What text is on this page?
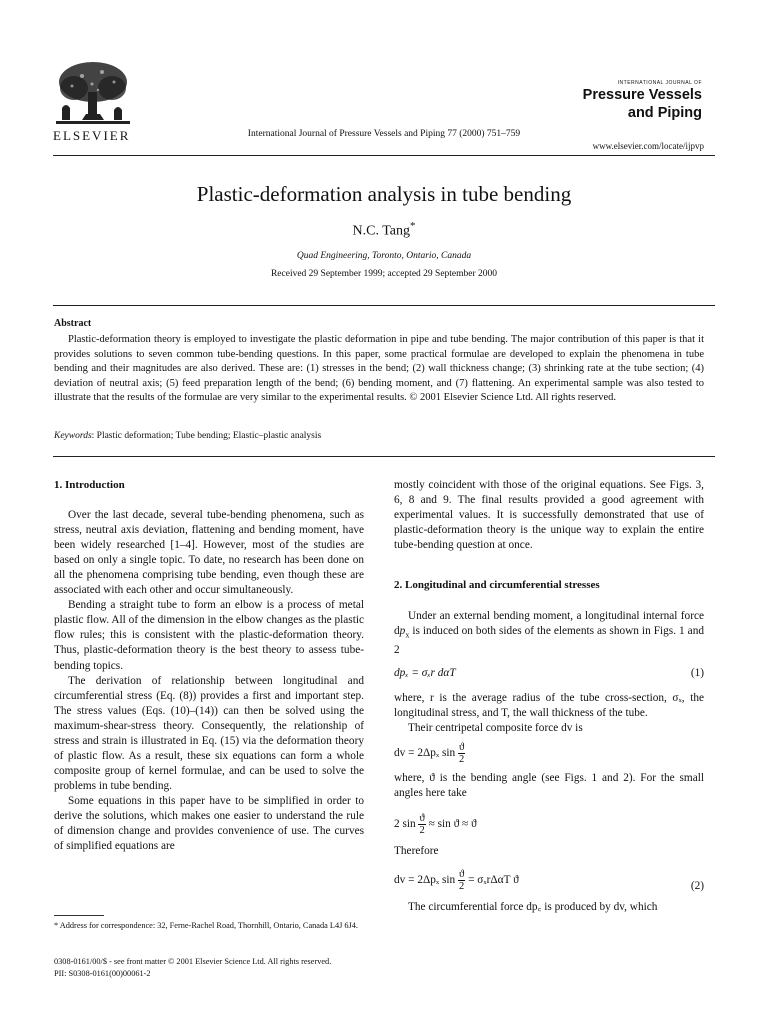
ELSEVIER	International Journal of Pressure Vessels and Piping 77 (2000) 751–759
INTERNATIONAL JOURNAL OF
Pressure Vessels
and Piping
www.elsevier.com/locate/ijpvp
Plastic-deformation analysis in tube bending
N.C. Tang*
Quad Engineering, Toronto, Ontario, Canada
Received 29 September 1999; accepted 29 September 2000
Abstract

Plastic-deformation theory is employed to investigate the plastic deformation in pipe and tube bending. The major contribution of this paper is that it provides solutions to seven common tube-bending questions. In this paper, some practical formulae are developed to explain the phenomena in tube bending and their magnitudes are also derived. These are: (1) stresses in the bend; (2) wall thickness change; (3) shrinking rate at the tube section; (4) deviation of neutral axis; (5) feed preparation length of the bend; (6) bending moment, and (7) flattening. An experimental sample was also tested to illustrate that the results of the formulae are very similar to the experimental results. © 2001 Elsevier Science Ltd. All rights reserved.

Keywords: Plastic deformation; Tube bending; Elastic–plastic analysis

1. Introduction

Over the last decade, several tube-bending phenomena, such as stress, neutral axis deviation, flattening and bending moment, have been widely researched [1–4]. However, most of the studies are based on only a single topic. To date, no research has been done on all the phenomena comprising tube bending, even though these are associated with each other and occur simultaneously.

Bending a straight tube to form an elbow is a process of metal plastic flow. All of the dimension in the elbow changes as the plastic flow rules; this is consistent with the plastic-deformation theory. Thus, plastic-deformation theory is the best theory to assess tube-bending topics.

The derivation of relationship between longitudinal and circumferential stress (Eq. (8)) provides a first and important step. The stress values (Eqs. (10)–(14)) can then be solved using the maximum-shear-stress theory. Consequently, the relationship of stress and strain is illustrated in Eq. (15) via the deformation theory of plastic flow. As a result, these six equations can form a whole composite group of kernel formulae, and can be used to solve the problems in tube bending.

Some equations in this paper have to be simplified in order to derive the solutions, which makes one easier to understand the rule of dimension change and provides convenience of use. The curves of simplified equations are

mostly coincident with those of the original equations. See Figs. 3, 6, 8 and 9. The final results provided a good agreement with experimental values. It is successfully demonstrated that use of plastic-deformation theory is the unique way to explain the entire tube-bending question at once.

2. Longitudinal and circumferential stresses

Under an external bending moment, a longitudinal internal force $dp_x$ is induced on both sides of the elements as shown in Figs. 1 and 2

dpₓ = σₓr dαT	(1)

where, r is the average radius of the tube cross-section, σₓ, the longitudinal stress, and T, the wall thickness of the tube.

Their centripetal composite force dv is

dv = 2Δpₓ $\sin \frac{ϑ}{2}$

where, ϑ is the bending angle (see Figs. 1 and 2). For the small angles here take

2 $\sin \frac{ϑ}{2} \approx \sin ϑ \approx ϑ$

Therefore

dv = 2Δpₓ $\sin \frac{ϑ}{2} = \sigma_xr\Delta\alpha T$ ϑ	(2)

The circumferential force dp꜀ is produced by dv, which

* Address for correspondence: 32, Ferne-Rachel Road, Thornhill, Ontario, Canada L4J 6J4.

0308-0161/00/$ - see front matter © 2001 Elsevier Science Ltd. All rights reserved.
PII: S0308-0161(00)00061-2
